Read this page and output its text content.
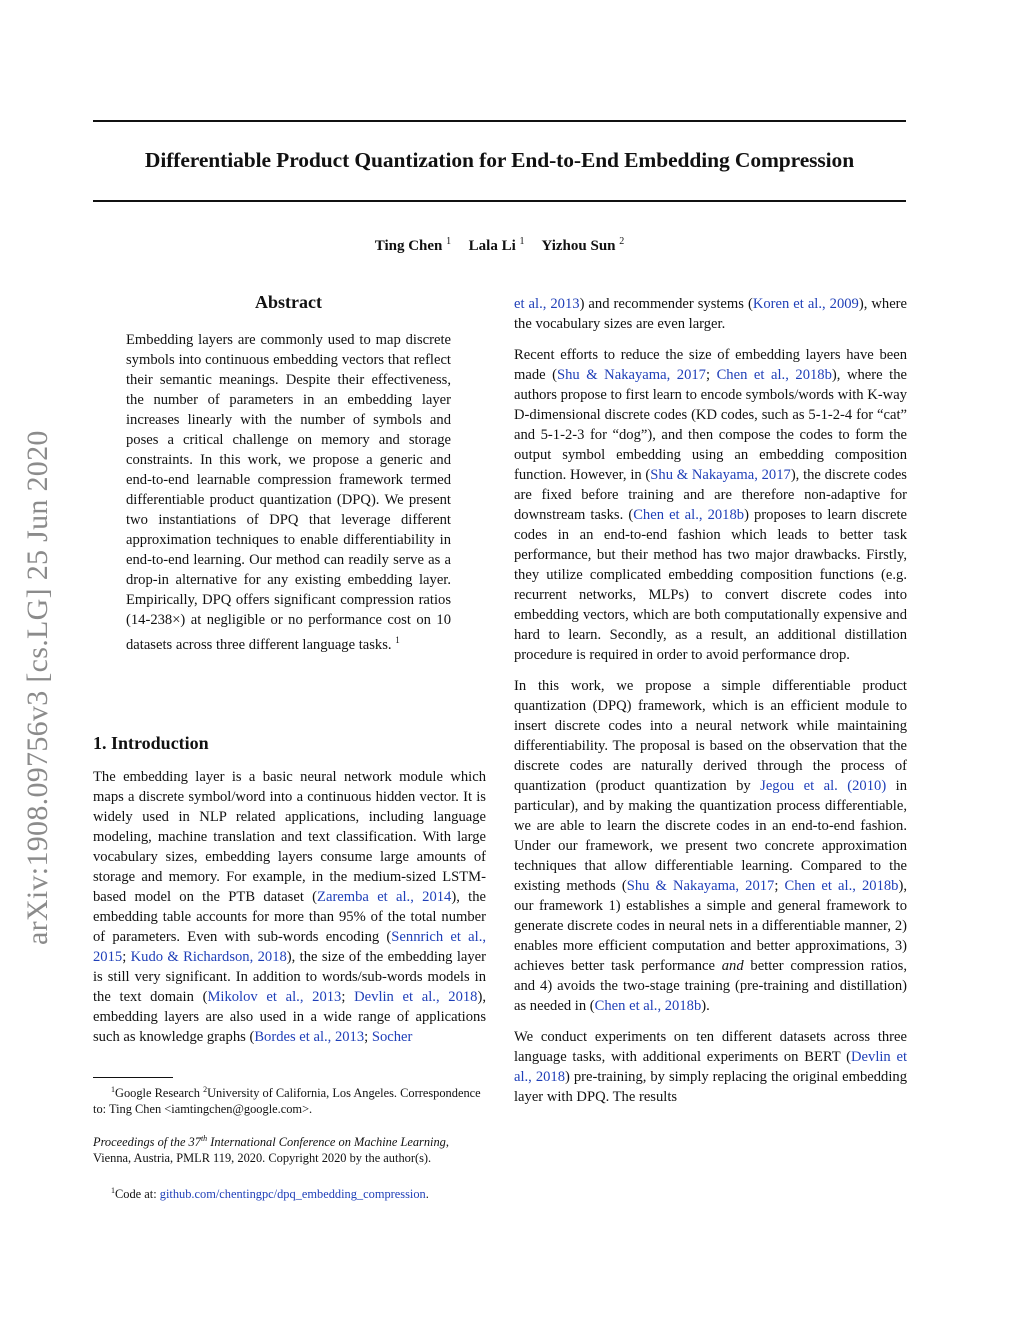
Differentiable Product Quantization for End-to-End Embedding Compression
Ting Chen $^1$ Lala Li $^1$ Yizhou Sun $^2$
arXiv:1908.09756v3 [cs.LG] 25 Jun 2020
Abstract
Embedding layers are commonly used to map discrete symbols into continuous embedding vectors that reflect their semantic meanings. Despite their effectiveness, the number of parameters in an embedding layer increases linearly with the number of symbols and poses a critical challenge on memory and storage constraints. In this work, we propose a generic and end-to-end learnable compression framework termed differentiable product quantization (DPQ). We present two instantiations of DPQ that leverage different approximation techniques to enable differentiability in end-to-end learning. Our method can readily serve as a drop-in alternative for any existing embedding layer. Empirically, DPQ offers significant compression ratios (14-238×) at negligible or no performance cost on 10 datasets across three different language tasks. $^1$
1. Introduction
The embedding layer is a basic neural network module which maps a discrete symbol/word into a continuous hidden vector. It is widely used in NLP related applications, including language modeling, machine translation and text classification. With large vocabulary sizes, embedding layers consume large amounts of storage and memory. For example, in the medium-sized LSTM-based model on the PTB dataset (Zaremba et al., 2014), the embedding table accounts for more than 95% of the total number of parameters. Even with sub-words encoding (Sennrich et al., 2015; Kudo & Richardson, 2018), the size of the embedding layer is still very significant. In addition to words/sub-words models in the text domain (Mikolov et al., 2013; Devlin et al., 2018), embedding layers are also used in a wide range of applications such as knowledge graphs (Bordes et al., 2013; Socher
$^1$Google Research $^2$University of California, Los Angeles. Correspondence to: Ting Chen <iamtingchen@google.com>.
Proceedings of the 37th International Conference on Machine Learning, Vienna, Austria, PMLR 119, 2020. Copyright 2020 by the author(s).
$^1$Code at: github.com/chentingpc/dpq_embedding_compression.

et al., 2013) and recommender systems (Koren et al., 2009), where the vocabulary sizes are even larger.

Recent efforts to reduce the size of embedding layers have been made (Shu & Nakayama, 2017; Chen et al., 2018b), where the authors propose to first learn to encode symbols/words with K-way D-dimensional discrete codes (KD codes, such as 5-1-2-4 for “cat” and 5-1-2-3 for “dog”), and then compose the codes to form the output symbol embedding using an embedding composition function. However, in (Shu & Nakayama, 2017), the discrete codes are fixed before training and are therefore non-adaptive for downstream tasks. (Chen et al., 2018b) proposes to learn discrete codes in an end-to-end fashion which leads to better task performance, but their method has two major drawbacks. Firstly, they utilize complicated embedding composition functions (e.g. recurrent networks, MLPs) to convert discrete codes into embedding vectors, which are both computationally expensive and hard to learn. Secondly, as a result, an additional distillation procedure is required in order to avoid performance drop.

In this work, we propose a simple differentiable product quantization (DPQ) framework, which is an efficient module to insert discrete codes into a neural network while maintaining differentiability. The proposal is based on the observation that the discrete codes are naturally derived through the process of quantization (product quantization by Jegou et al. (2010) in particular), and by making the quantization process differentiable, we are able to learn the discrete codes in an end-to-end fashion. Under our framework, we present two concrete approximation techniques that allow differentiable learning. Compared to the existing methods (Shu & Nakayama, 2017; Chen et al., 2018b), our framework 1) establishes a simple and general framework to generate discrete codes in neural nets in a differentiable manner, 2) enables more efficient computation and better approximations, 3) achieves better task performance and better compression ratios, and 4) avoids the two-stage training (pre-training and distillation) as needed in (Chen et al., 2018b).

We conduct experiments on ten different datasets across three language tasks, with additional experiments on BERT (Devlin et al., 2018) pre-training, by simply replacing the original embedding layer with DPQ. The results
